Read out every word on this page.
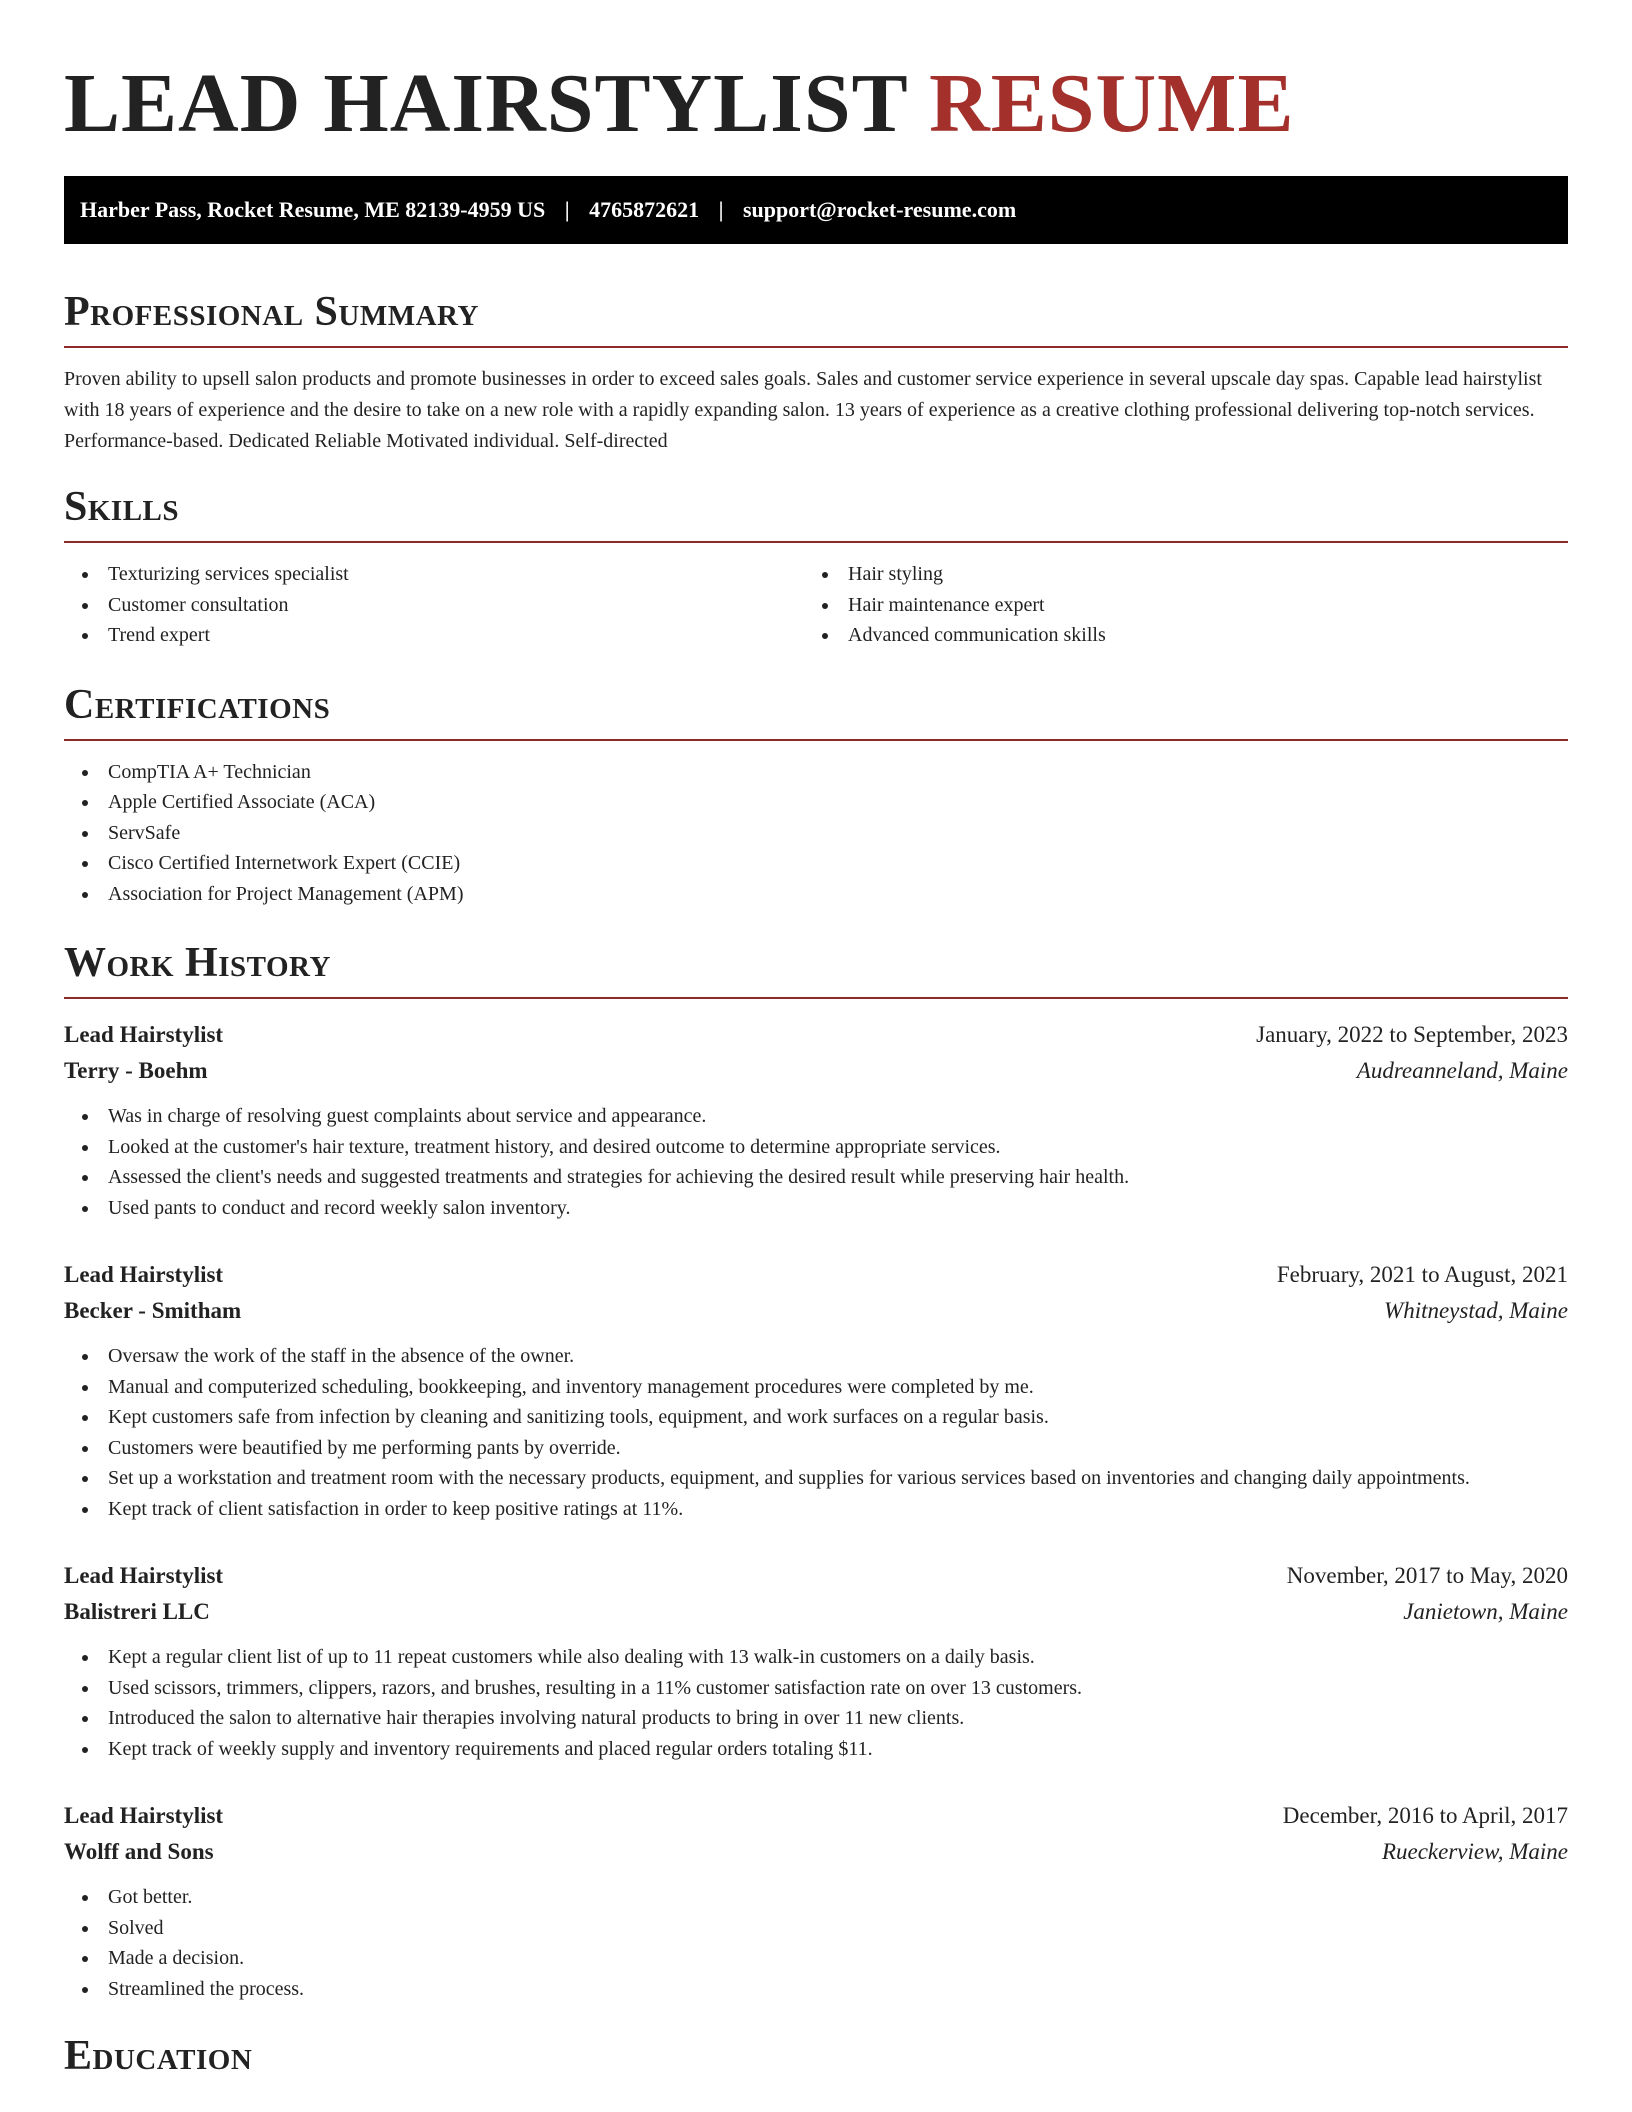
LEAD HAIRSTYLIST RESUME
Harber Pass, Rocket Resume, ME 82139-4959 US | 4765872621 | support@rocket-resume.com
Professional Summary

Proven ability to upsell salon products and promote businesses in order to exceed sales goals. Sales and customer service experience in several upscale day spas. Capable lead hairstylist with 18 years of experience and the desire to take on a new role with a rapidly expanding salon. 13 years of experience as a creative clothing professional delivering top-notch services. Performance-based. Dedicated Reliable Motivated individual. Self-directed

Skills
Texturizing services specialist
Customer consultation
Trend expert
Hair styling
Hair maintenance expert
Advanced communication skills
Certifications
CompTIA A+ Technician
Apple Certified Associate (ACA)
ServSafe
Cisco Certified Internetwork Expert (CCIE)
Association for Project Management (APM)
Work History
Lead Hairstylist	January, 2022 to September, 2023
Terry - Boehm	Audreanneland, Maine
Was in charge of resolving guest complaints about service and appearance.
Looked at the customer's hair texture, treatment history, and desired outcome to determine appropriate services.
Assessed the client's needs and suggested treatments and strategies for achieving the desired result while preserving hair health.
Used pants to conduct and record weekly salon inventory.
Lead Hairstylist	February, 2021 to August, 2021
Becker - Smitham	Whitneystad, Maine
Oversaw the work of the staff in the absence of the owner.
Manual and computerized scheduling, bookkeeping, and inventory management procedures were completed by me.
Kept customers safe from infection by cleaning and sanitizing tools, equipment, and work surfaces on a regular basis.
Customers were beautified by me performing pants by override.
Set up a workstation and treatment room with the necessary products, equipment, and supplies for various services based on inventories and changing daily appointments.
Kept track of client satisfaction in order to keep positive ratings at 11%.
Lead Hairstylist	November, 2017 to May, 2020
Balistreri LLC	Janietown, Maine
Kept a regular client list of up to 11 repeat customers while also dealing with 13 walk-in customers on a daily basis.
Used scissors, trimmers, clippers, razors, and brushes, resulting in a 11% customer satisfaction rate on over 13 customers.
Introduced the salon to alternative hair therapies involving natural products to bring in over 11 new clients.
Kept track of weekly supply and inventory requirements and placed regular orders totaling $11.
Lead Hairstylist	December, 2016 to April, 2017
Wolff and Sons	Rueckerview, Maine
Got better.
Solved
Made a decision.
Streamlined the process.
Education
